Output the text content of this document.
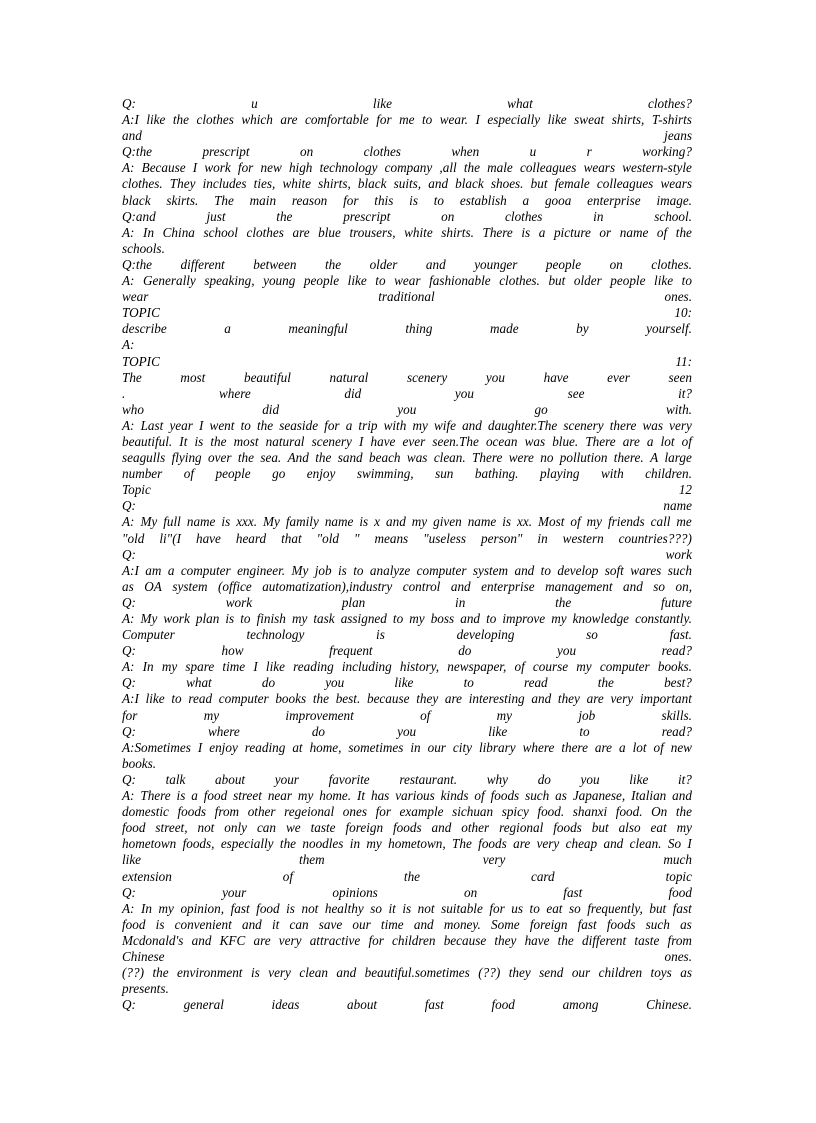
Q:	u	like	what	clothes?
A:I like the clothes which are comfortable for me to wear. I especially like sweat shirts, T-shirts
and	jeans
Q:the	prescript	on	clothes	when	u	r	working?
A: Because I work for new high technology company ,all the male colleagues wears western-style
clothes. They includes ties, white shirts, black suits, and black shoes. but female colleagues wears
black skirts. The main reason for this is to establish a gooa enterprise image.
Q:and	just	the	prescript	on	clothes	in	school.
A: In China school clothes are blue trousers, white shirts. There is a picture or name of the
schools.
Q:the different between the older and younger people on clothes.
A: Generally speaking, young people like to wear fashionable clothes. but older people like to
wear	traditional	ones.
TOPIC	10:
describe	a	meaningful	thing	made	by	yourself.
A:
TOPIC	11:
The	most	beautiful	natural	scenery	you	have	ever	seen
.	where	did	you	see	it?
who	did	you	go	with.
A: Last year I went to the seaside for a trip with my wife and daughter.The scenery there was very
beautiful. It is the most natural scenery I have ever seen.The ocean was blue. There are a lot of
seagulls flying over the sea. And the sand beach was clean. There were no pollution there. A large
number of people go enjoy swimming, sun bathing. playing with children.
Topic	12
Q:	name
A: My full name is xxx. My family name is x and my given name is xx. Most of my friends call me
"old li"(I have heard that "old " means "useless person" in western countries???)
Q:	work
A:I am a computer engineer. My job is to analyze computer system and to develop soft wares such
as OA system (office automatization),industry control and enterprise management and so on,
Q:	work	plan	in	the	future
A: My work plan is to finish my task assigned to my boss and to improve my knowledge constantly.
Computer	technology	is	developing	so	fast.
Q:	how	frequent	do	you	read?
A: In my spare time I like reading including history, newspaper, of course my computer books.
Q:	what	do	you	like	to	read	the	best?
A:I like to read computer books the best. because they are interesting and they are very important
for	my	improvement	of	my	job	skills.
Q:	where	do	you	like	to	read?
A:Sometimes I enjoy reading at home, sometimes in our city library where there are a lot of new
books.
Q: talk about your favorite restaurant. why do you like it?
A: There is a food street near my home. It has various kinds of foods such as Japanese, Italian and
domestic foods from other regeional ones for example sichuan spicy food. shanxi food. On the
food street, not only can we taste foreign foods and other regional foods but also eat my
hometown foods, especially the noodles in my hometown, The foods are very cheap and clean. So I
like	them	very	much
extension	of	the	card	topic
Q:	your	opinions	on	fast	food
A: In my opinion, fast food is not healthy so it is not suitable for us to eat so frequently, but fast
food is convenient and it can save our time and money. Some foreign fast foods such as
Mcdonald's and KFC are very attractive for children because they have the different taste from
Chinese	ones.
(??) the environment is very clean and beautiful.sometimes (??) they send our children toys as
presents.
Q:	general	ideas	about	fast	food	among	Chinese.
